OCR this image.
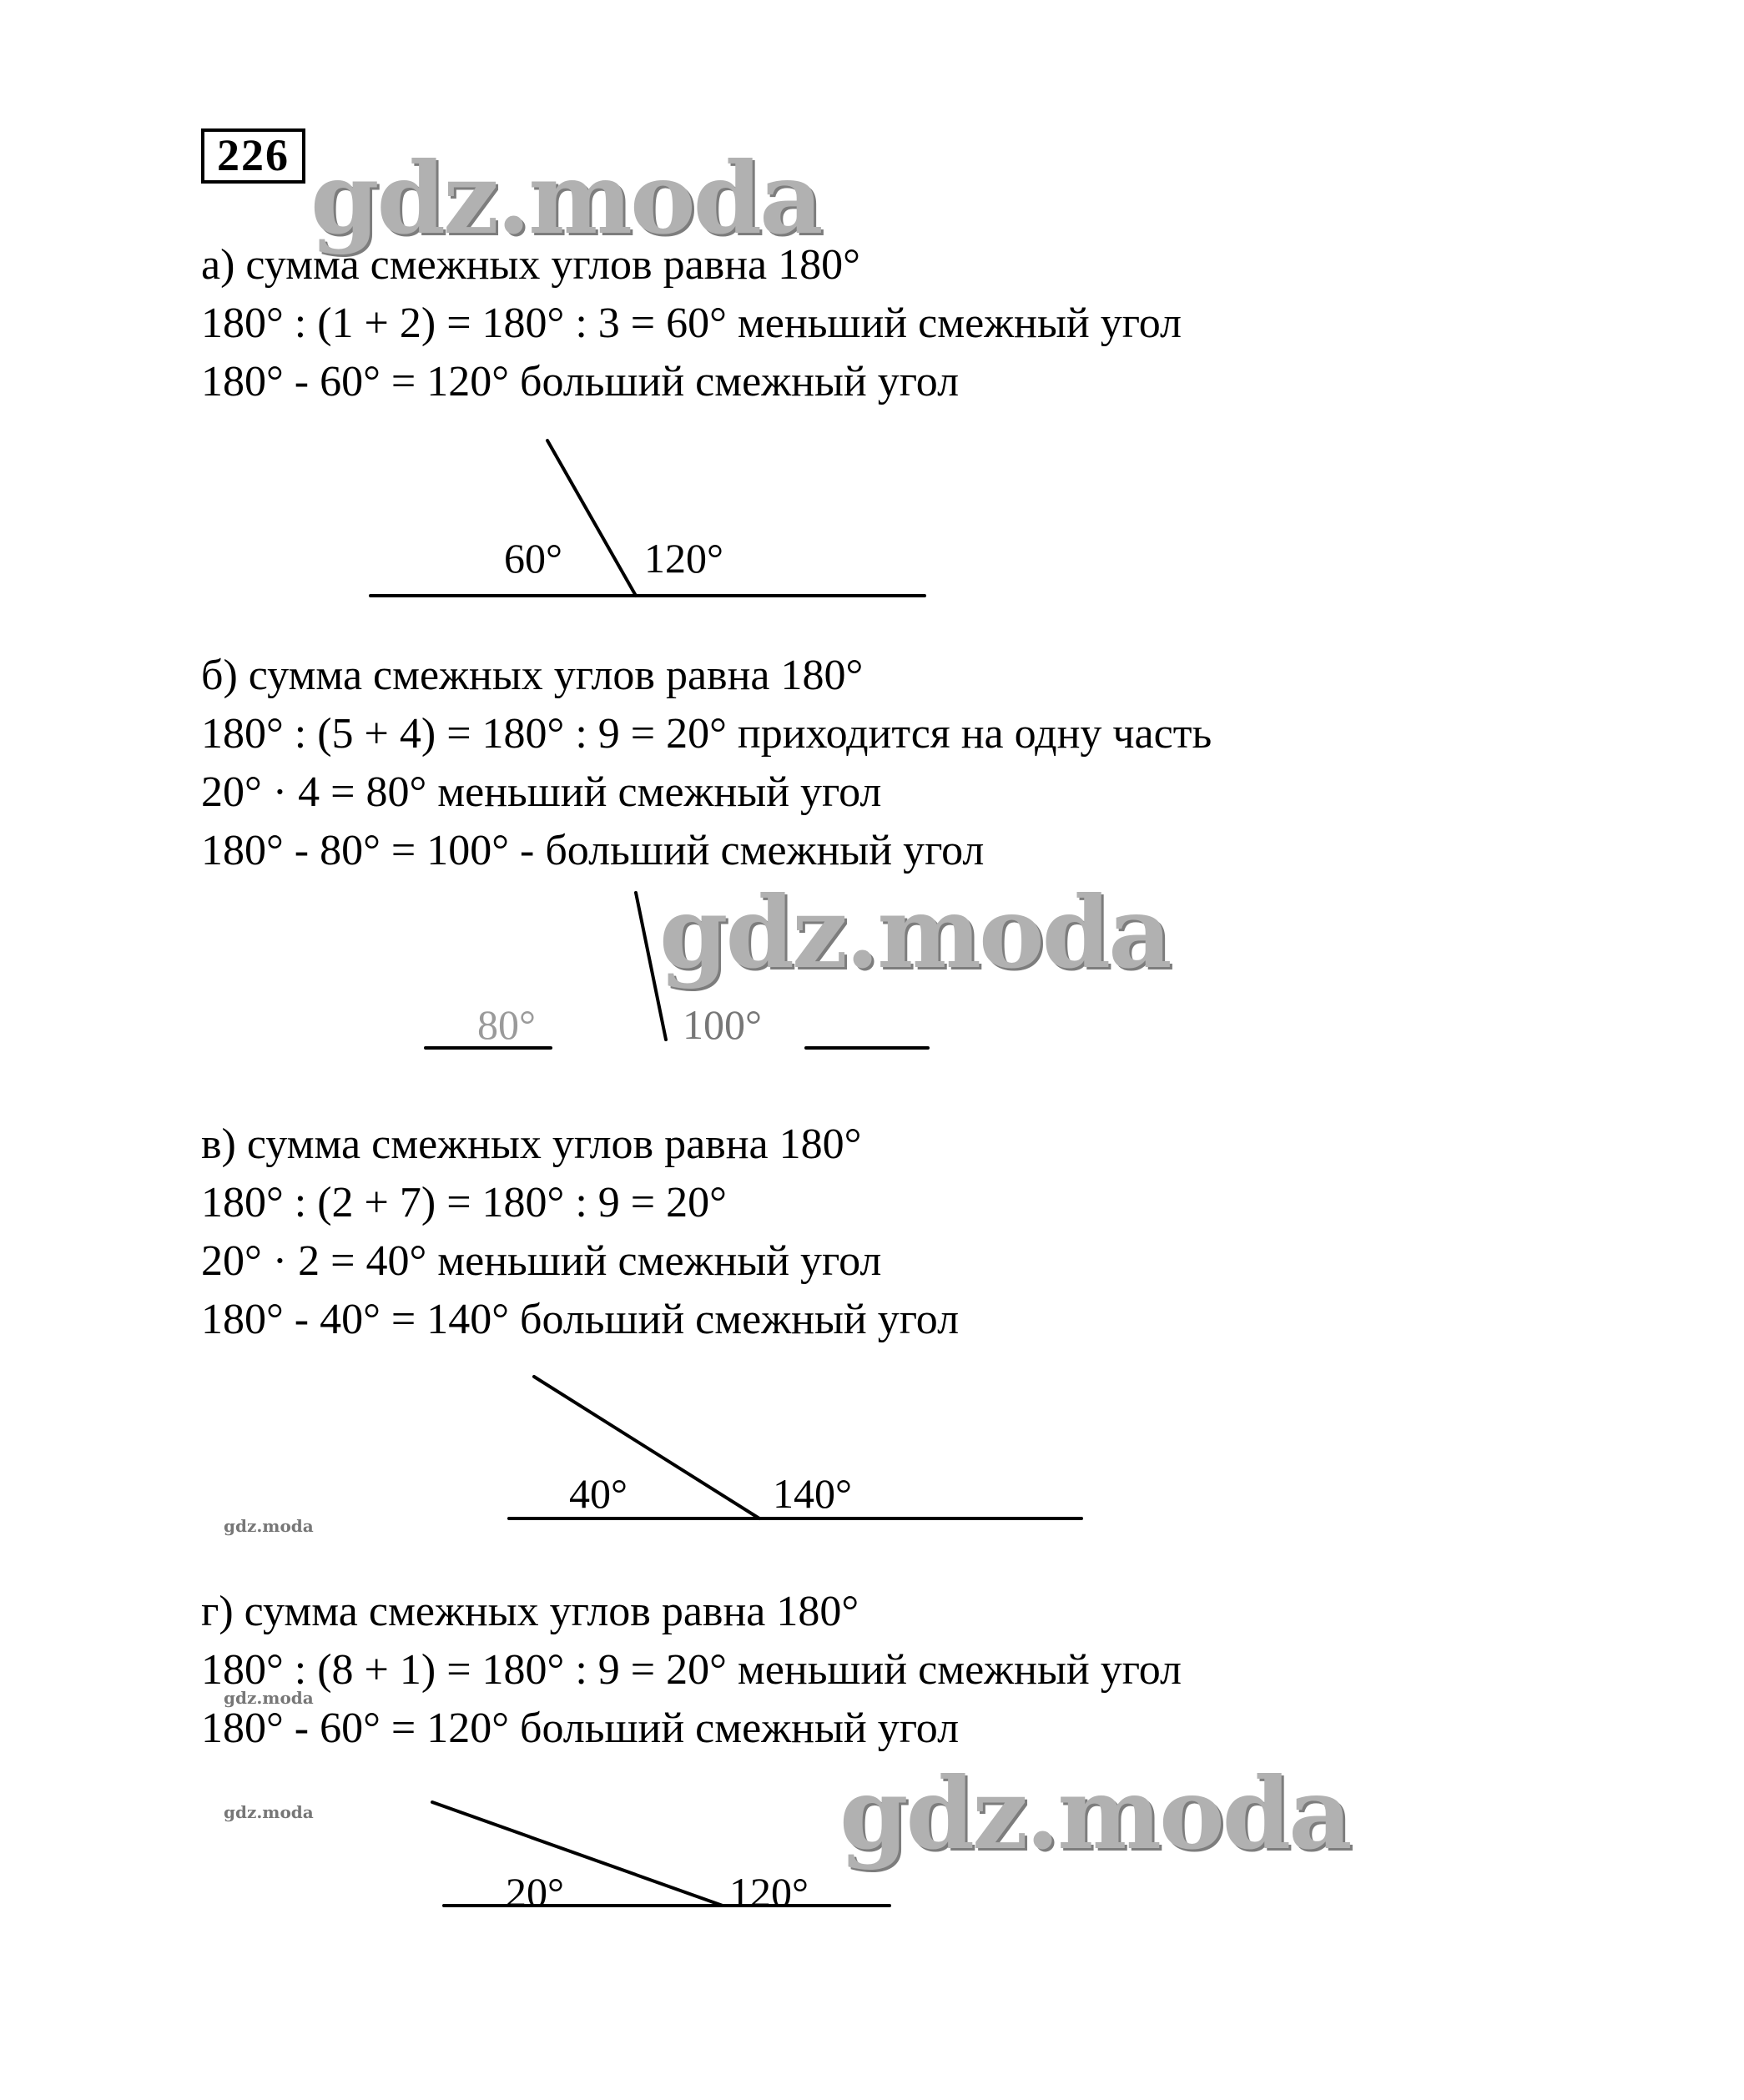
226 gdz.moda
gdz.moda
gdz.moda
gdz.moda
gdz.moda
gdz.moda
а) сумма смежных углов равна 180°
180° : (1 + 2) = 180° : 3 = 60° меньший смежный угол
180° - 60° = 120° больший смежный угол
б) сумма смежных углов равна 180°
180° : (5 + 4) = 180° : 9 = 20° приходится на одну часть
20° · 4 = 80° меньший смежный угол
180° - 80° = 100° - больший смежный угол
в) сумма смежных углов равна 180°
180° : (2 + 7) = 180° : 9 = 20°
20° · 2 = 40° меньший смежный угол
180° - 40° = 140° больший смежный угол
г) сумма смежных углов равна 180°
180° : (8 + 1) = 180° : 9 = 20° меньший смежный угол
180° - 60° = 120° больший смежный угол
60° 120°
80°	100°
40°	140°
20°	120°
